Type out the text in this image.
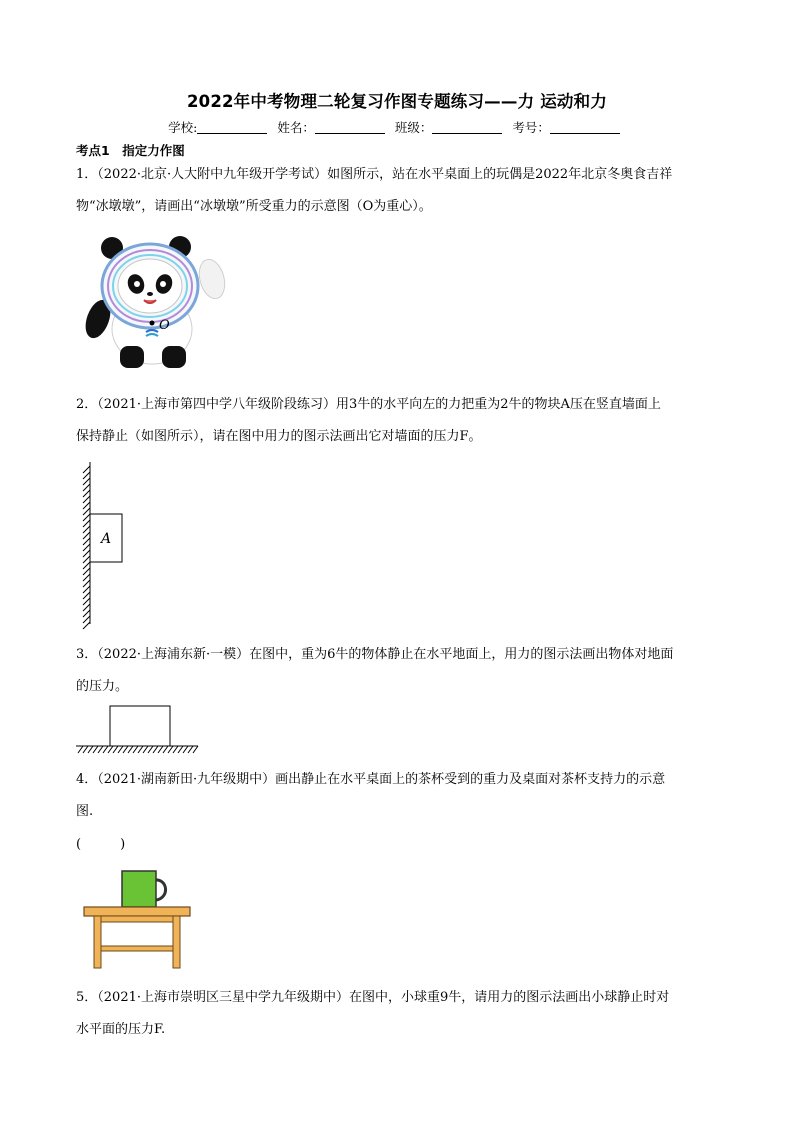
2022年中考物理二轮复习作图专题练习——力 运动和力
学校:	姓名：	班级：	考号：
考点1　指定力作图
1．（2022·北京·人大附中九年级开学考试）如图所示，站在水平桌面上的玩偶是2022年北京冬奥食吉祥
物“冰墩墩”，请画出“冰墩墩”所受重力的示意图（O为重心）。
O
2．（2021·上海市第四中学八年级阶段练习）用3牛的水平向左的力把重为2牛的物块A压在竖直墙面上
保持静止（如图所示），请在图中用力的图示法画出它对墙面的压力F。
A
3．（2022·上海浦东新·一模）在图中，重为6牛的物体静止在水平地面上，用力的图示法画出物体对地面
的压力。
4．（2021·湖南新田·九年级期中）画出静止在水平桌面上的茶杯受到的重力及桌面对茶杯支持力的示意
图.
(　　　)
5．（2021·上海市崇明区三星中学九年级期中）在图中，小球重9牛，请用力的图示法画出小球静止时对
水平面的压力F.
